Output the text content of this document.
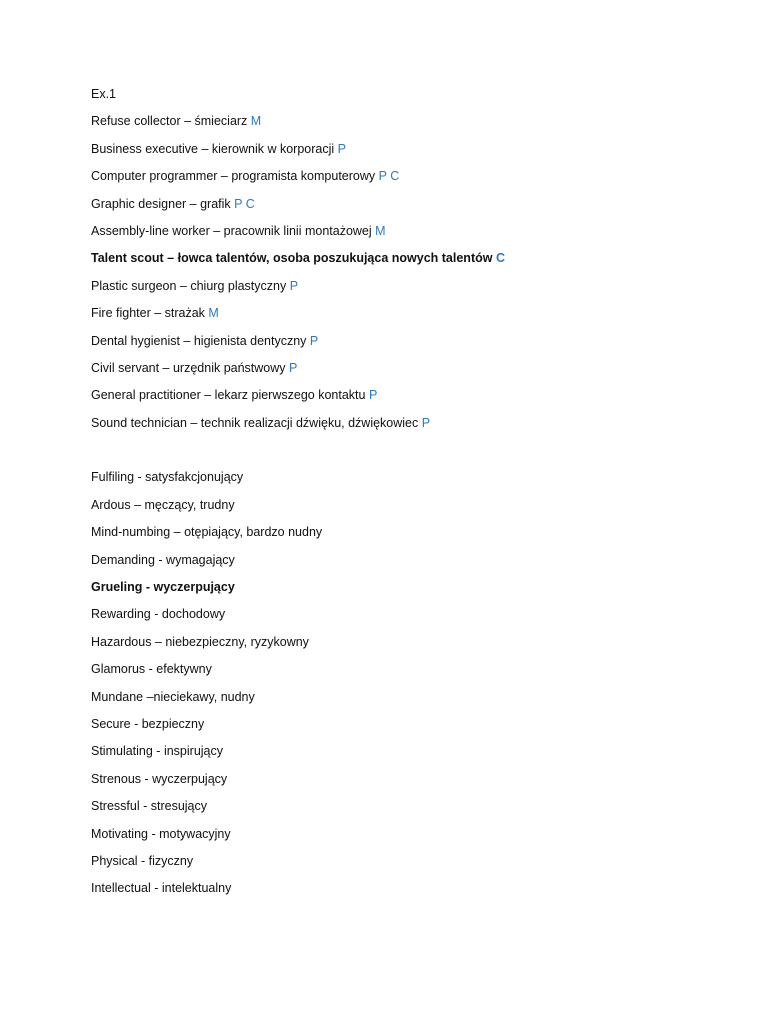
Ex.1
Refuse collector – śmieciarz M
Business executive – kierownik w korporacji P
Computer programmer – programista komputerowy P C
Graphic designer – grafik P C
Assembly-line worker – pracownik linii montażowej M
Talent scout – łowca talentów, osoba poszukująca nowych talentów C
Plastic surgeon – chiurg plastyczny P
Fire fighter – strażak M
Dental hygienist – higienista dentyczny P
Civil servant – urzędnik państwowy P
General practitioner – lekarz pierwszego kontaktu P
Sound technician – technik realizacji dźwięku, dźwiękowiec P
Fulfiling - satysfakcjonujący
Ardous – męczący, trudny
Mind-numbing – otępiający, bardzo nudny
Demanding - wymagający
Grueling - wyczerpujący
Rewarding - dochodowy
Hazardous – niebezpieczny, ryzykowny
Glamorus - efektywny
Mundane –nieciekawy, nudny
Secure - bezpieczny
Stimulating - inspirujący
Strenous - wyczerpujący
Stressful - stresujący
Motivating - motywacyjny
Physical - fizyczny
Intellectual - intelektualny
